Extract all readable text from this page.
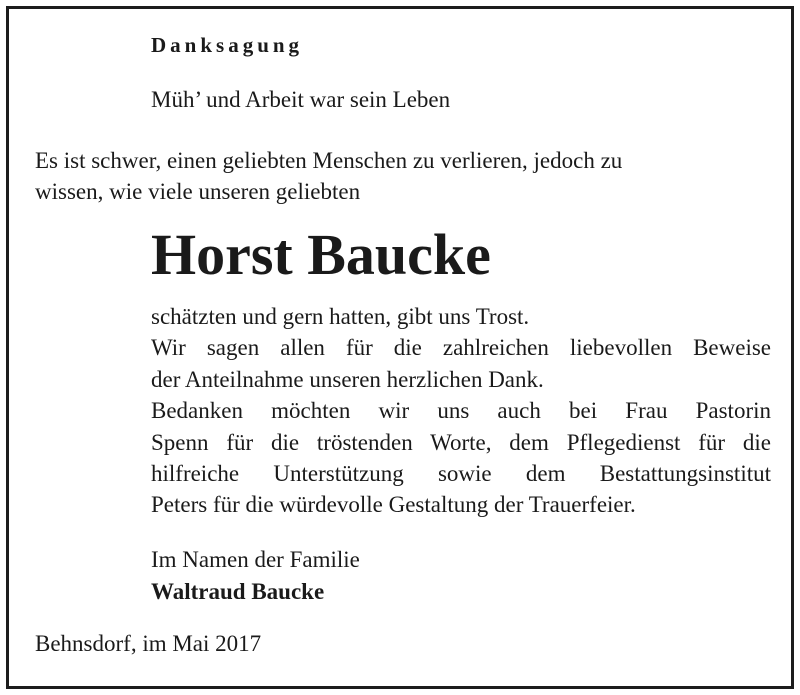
Danksagung

Müh’ und Arbeit war sein Leben

Es ist schwer, einen geliebten Menschen zu verlieren, jedoch zu
wissen, wie viele unseren geliebten
Horst Baucke
schätzten und gern hatten, gibt uns Trost.
Wir sagen allen für die zahlreichen liebevollen Beweise
der Anteilnahme unseren herzlichen Dank.
Bedanken möchten wir uns auch bei Frau Pastorin
Spenn für die tröstenden Worte, dem Pflegedienst für die
hilfreiche Unterstützung sowie dem Bestattungsinstitut
Peters für die würdevolle Gestaltung der Trauerfeier.

Im Namen der Familie

Waltraud Baucke

Behnsdorf, im Mai 2017
